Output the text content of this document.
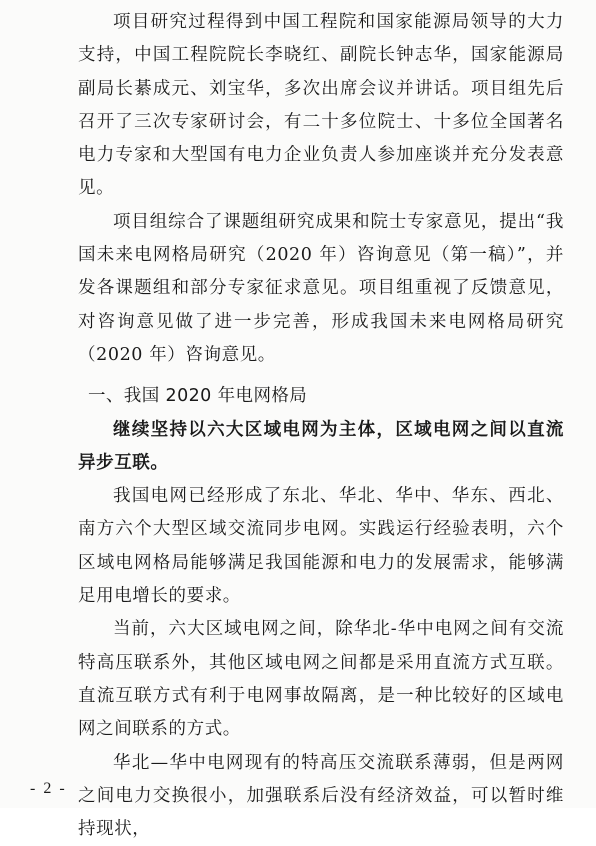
项目研究过程得到中国工程院和国家能源局领导的大力支持，中国工程院院长李晓红、副院长钟志华，国家能源局副局长綦成元、刘宝华，多次出席会议并讲话。项目组先后召开了三次专家研讨会，有二十多位院士、十多位全国著名电力专家和大型国有电力企业负责人参加座谈并充分发表意见。

项目组综合了课题组研究成果和院士专家意见，提出“我国未来电网格局研究（2020 年）咨询意见（第一稿）”，并发各课题组和部分专家征求意见。项目组重视了反馈意见，对咨询意见做了进一步完善，形成我国未来电网格局研究（2020 年）咨询意见。

一、我国 2020 年电网格局

继续坚持以六大区域电网为主体，区域电网之间以直流异步互联。

我国电网已经形成了东北、华北、华中、华东、西北、南方六个大型区域交流同步电网。实践运行经验表明，六个区域电网格局能够满足我国能源和电力的发展需求，能够满足用电增长的要求。

当前，六大区域电网之间，除华北-华中电网之间有交流特高压联系外，其他区域电网之间都是采用直流方式互联。直流互联方式有利于电网事故隔离，是一种比较好的区域电网之间联系的方式。

华北—华中电网现有的特高压交流联系薄弱，但是两网之间电力交换很小，加强联系后没有经济效益，可以暂时维持现状，

- 2 -
